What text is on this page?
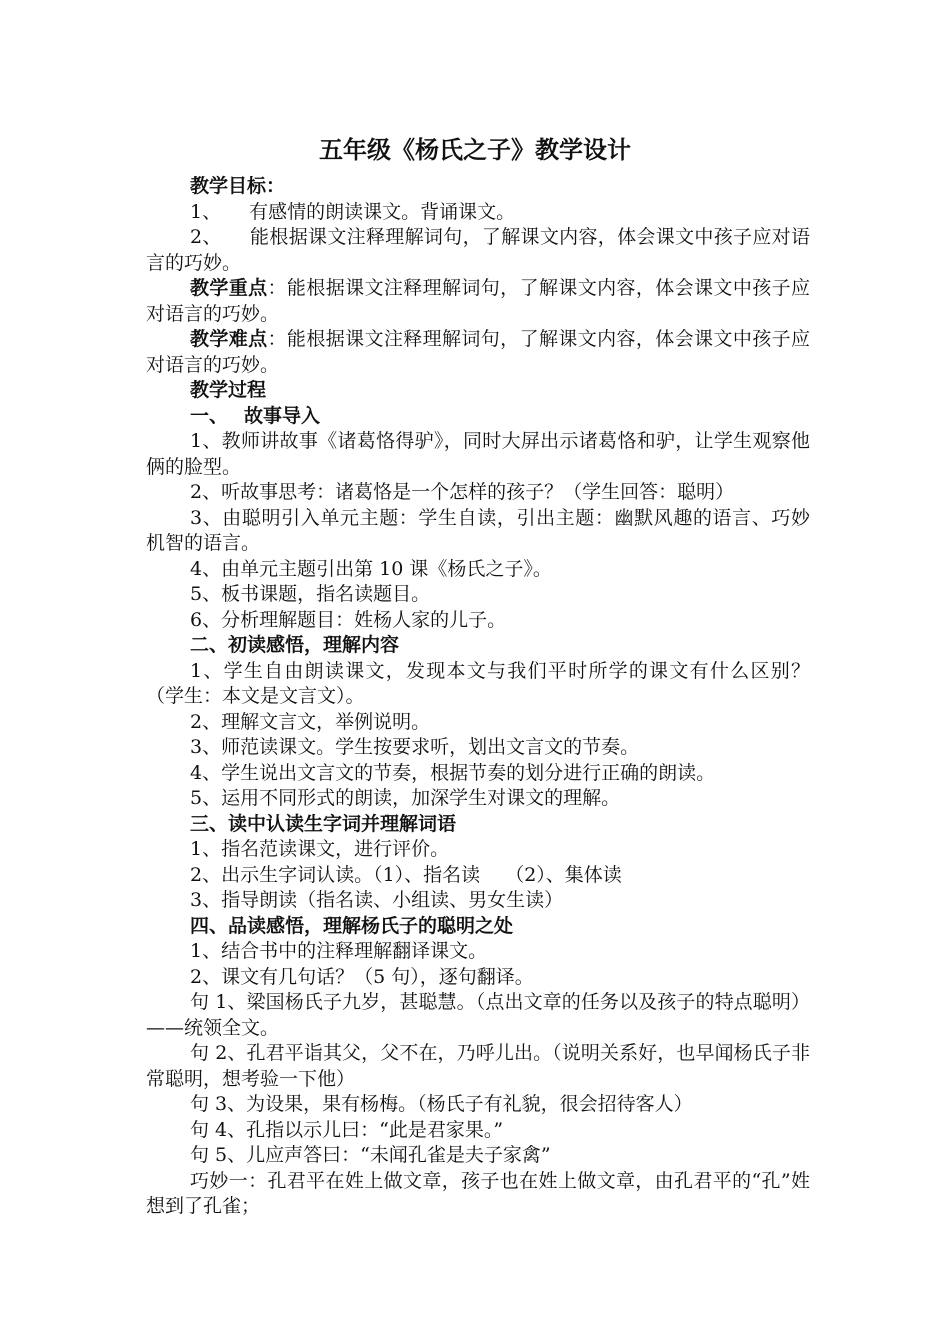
五年级《杨氏之子》教学设计

教学目标：

1、 有感情的朗读课文。背诵课文。

2、 能根据课文注释理解词句，了解课文内容，体会课文中孩子应对语言的巧妙。

教学重点：能根据课文注释理解词句，了解课文内容，体会课文中孩子应对语言的巧妙。

教学难点：能根据课文注释理解词句，了解课文内容，体会课文中孩子应对语言的巧妙。

教学过程

一、 故事导入

1、教师讲故事《诸葛恪得驴》，同时大屏出示诸葛恪和驴，让学生观察他俩的脸型。

2、听故事思考：诸葛恪是一个怎样的孩子？（学生回答：聪明）

3、由聪明引入单元主题：学生自读，引出主题：幽默风趣的语言、巧妙机智的语言。

4、由单元主题引出第 10 课《杨氏之子》。

5、板书课题，指名读题目。

6、分析理解题目：姓杨人家的儿子。

二、初读感悟，理解内容

1、学生自由朗读课文，发现本文与我们平时所学的课文有什么区别？（学生：本文是文言文）。

2、理解文言文，举例说明。

3、师范读课文。学生按要求听，划出文言文的节奏。

4、学生说出文言文的节奏，根据节奏的划分进行正确的朗读。

5、运用不同形式的朗读，加深学生对课文的理解。

三、读中认读生字词并理解词语

1、指名范读课文，进行评价。

2、出示生字词认读。（1）、指名读　 （2）、集体读

3、指导朗读（指名读、小组读、男女生读）

四、品读感悟，理解杨氏子的聪明之处

1、结合书中的注释理解翻译课文。

2、课文有几句话？（5 句），逐句翻译。

句 1、梁国杨氏子九岁，甚聪慧。（点出文章的任务以及孩子的特点聪明）——统领全文。

句 2、孔君平诣其父，父不在，乃呼儿出。（说明关系好，也早闻杨氏子非常聪明，想考验一下他）

句 3、为设果，果有杨梅。（杨氏子有礼貌，很会招待客人）

句 4、孔指以示儿曰：“此是君家果。”

句 5、儿应声答曰：“未闻孔雀是夫子家禽”

巧妙一：孔君平在姓上做文章，孩子也在姓上做文章，由孔君平的“孔”姓想到了孔雀；
